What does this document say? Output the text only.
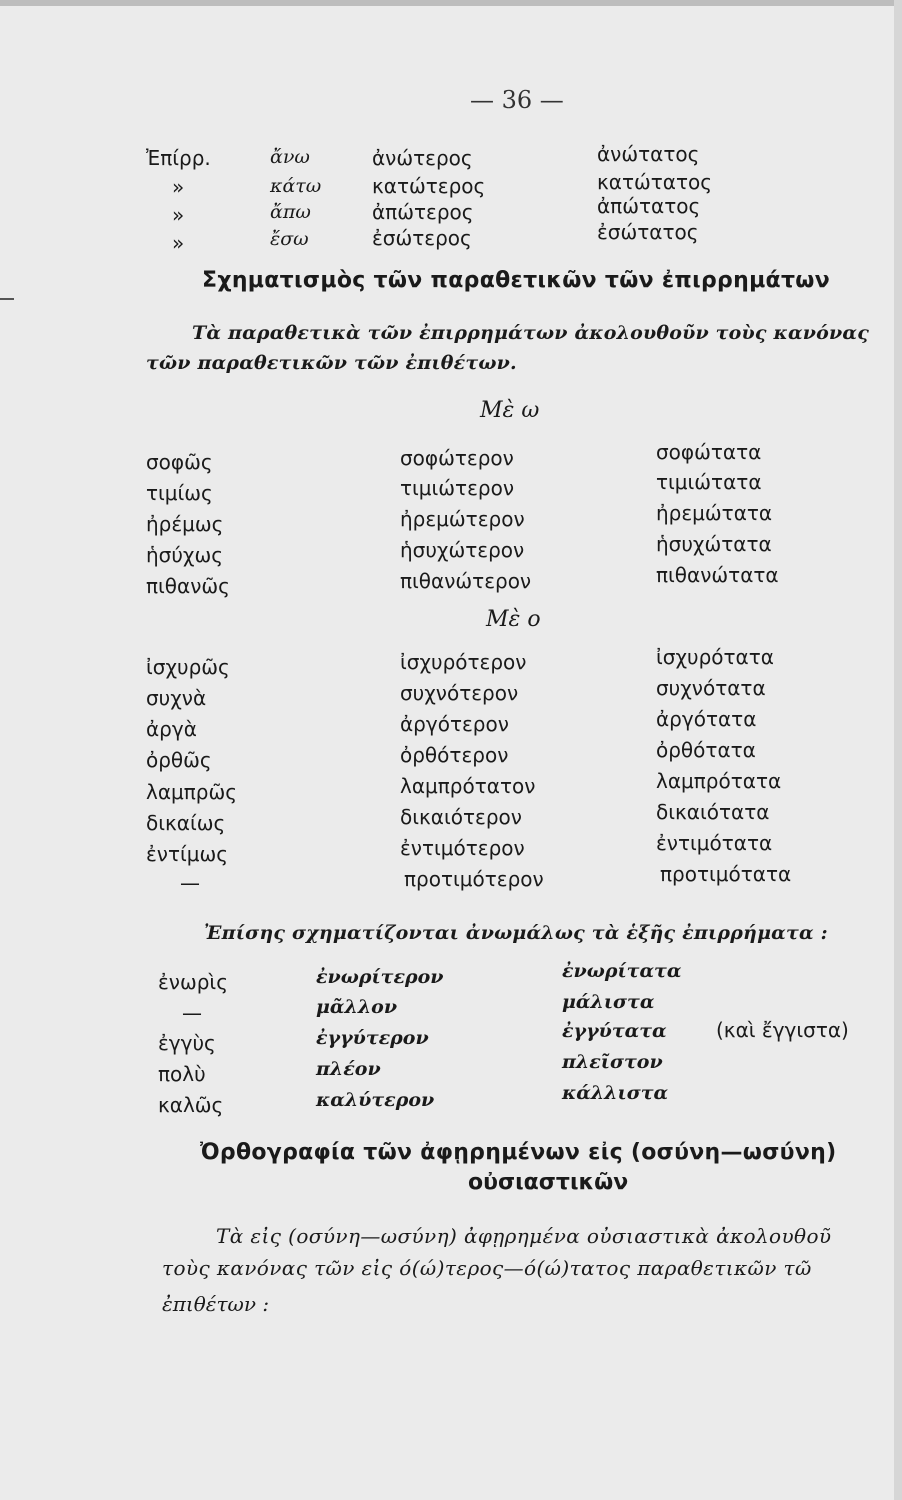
— 36 —
Ἐπίρρ.	ἄνω	ἀνώτερος	ἀνώτατος
»	κάτω	κατώτερος	κατώτατος
»	ἄπω	ἀπώτερος	ἀπώτατος
»	ἔσω	ἐσώτερος	ἐσώτατος
Σχηματισμὸς τῶν παραθετικῶν τῶν ἐπιρρημάτων
Τὰ παραθετικὰ τῶν ἐπιρρημάτων ἀκολουθοῦν τοὺς κανόνας
τῶν παραθετικῶν τῶν ἐπιθέτων.
Μὲ ω
σοφῶς	σοφώτερον	σοφώτατα
τιμίως	τιμιώτερον	τιμιώτατα
ἠρέμως	ἠρεμώτερον	ἠρεμώτατα
ἡσύχως	ἡσυχώτερον	ἡσυχώτατα
πιθανῶς	πιθανώτερον	πιθανώτατα
Μὲ ο
ἰσχυρῶς	ἰσχυρότερον	ἰσχυρότατα
συχνὰ	συχνότερον	συχνότατα
ἀργὰ	ἀργότερον	ἀργότατα
ὀρθῶς	ὀρθότερον	ὀρθότατα
λαμπρῶς	λαμπρότατον	λαμπρότατα
δικαίως	δικαιότερον	δικαιότατα
ἐντίμως	ἐντιμότερον	ἐντιμότατα
—	προτιμότερον	προτιμότατα
Ἐπίσης σχηματίζονται ἀνωμάλως τὰ ἑξῆς ἐπιρρήματα :
ἐνωρὶς	ἐνωρίτερον	ἐνωρίτατα
—	μᾶλλον	μάλιστα
ἐγγὺς	ἐγγύτερον	ἐγγύτατα (καὶ ἔγγιστα)
πολὺ	πλέον	πλεῖστον
καλῶς	καλύτερον	κάλλιστα
Ὀρθογραφία τῶν ἀφῃρημένων εἰς (οσύνη—ωσύνη)
οὐσιαστικῶν
Τὰ εἰς (οσύνη—ωσύνη) ἀφῃρημένα οὐσιαστικὰ ἀκολουθοῦ
τοὺς κανόνας τῶν εἰς ό(ώ)τερος—ό(ώ)τατος παραθετικῶν τῶ
ἐπιθέτων :
